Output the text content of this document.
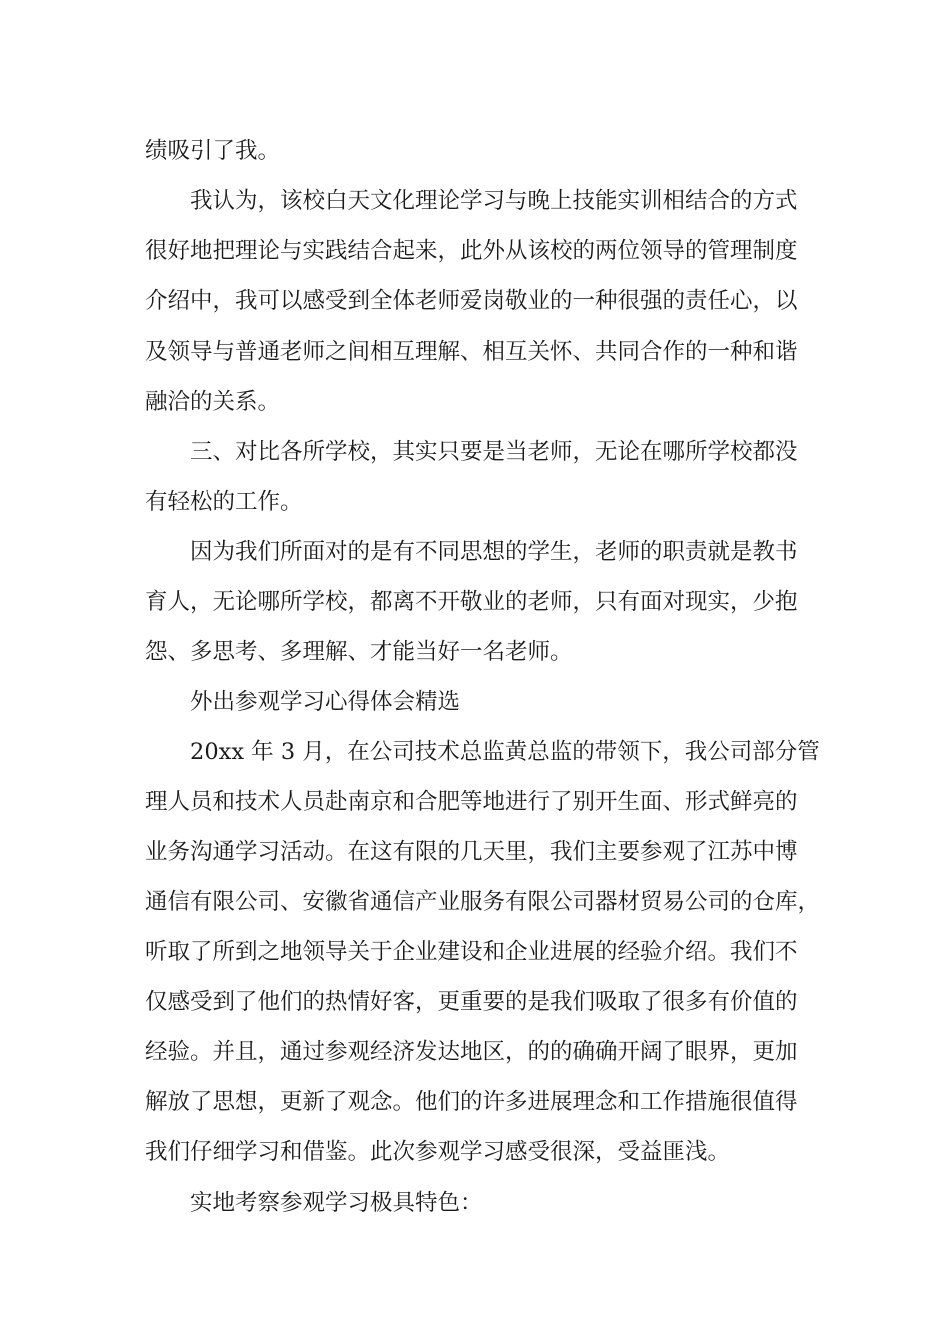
绩吸引了我。
我认为，该校白天文化理论学习与晚上技能实训相结合的方式
很好地把理论与实践结合起来，此外从该校的两位领导的管理制度
介绍中，我可以感受到全体老师爱岗敬业的一种很强的责任心，以
及领导与普通老师之间相互理解、相互关怀、共同合作的一种和谐
融洽的关系。
三、对比各所学校，其实只要是当老师，无论在哪所学校都没
有轻松的工作。
因为我们所面对的是有不同思想的学生，老师的职责就是教书
育人，无论哪所学校，都离不开敬业的老师，只有面对现实，少抱
怨、多思考、多理解、才能当好一名老师。
外出参观学习心得体会精选
20xx 年 3 月，在公司技术总监黄总监的带领下，我公司部分管
理人员和技术人员赴南京和合肥等地进行了别开生面、形式鲜亮的
业务沟通学习活动。在这有限的几天里，我们主要参观了江苏中博
通信有限公司、安徽省通信产业服务有限公司器材贸易公司的仓库，
听取了所到之地领导关于企业建设和企业进展的经验介绍。我们不
仅感受到了他们的热情好客，更重要的是我们吸取了很多有价值的
经验。并且，通过参观经济发达地区，的的确确开阔了眼界，更加
解放了思想，更新了观念。他们的许多进展理念和工作措施很值得
我们仔细学习和借鉴。此次参观学习感受很深，受益匪浅。
实地考察参观学习极具特色：
